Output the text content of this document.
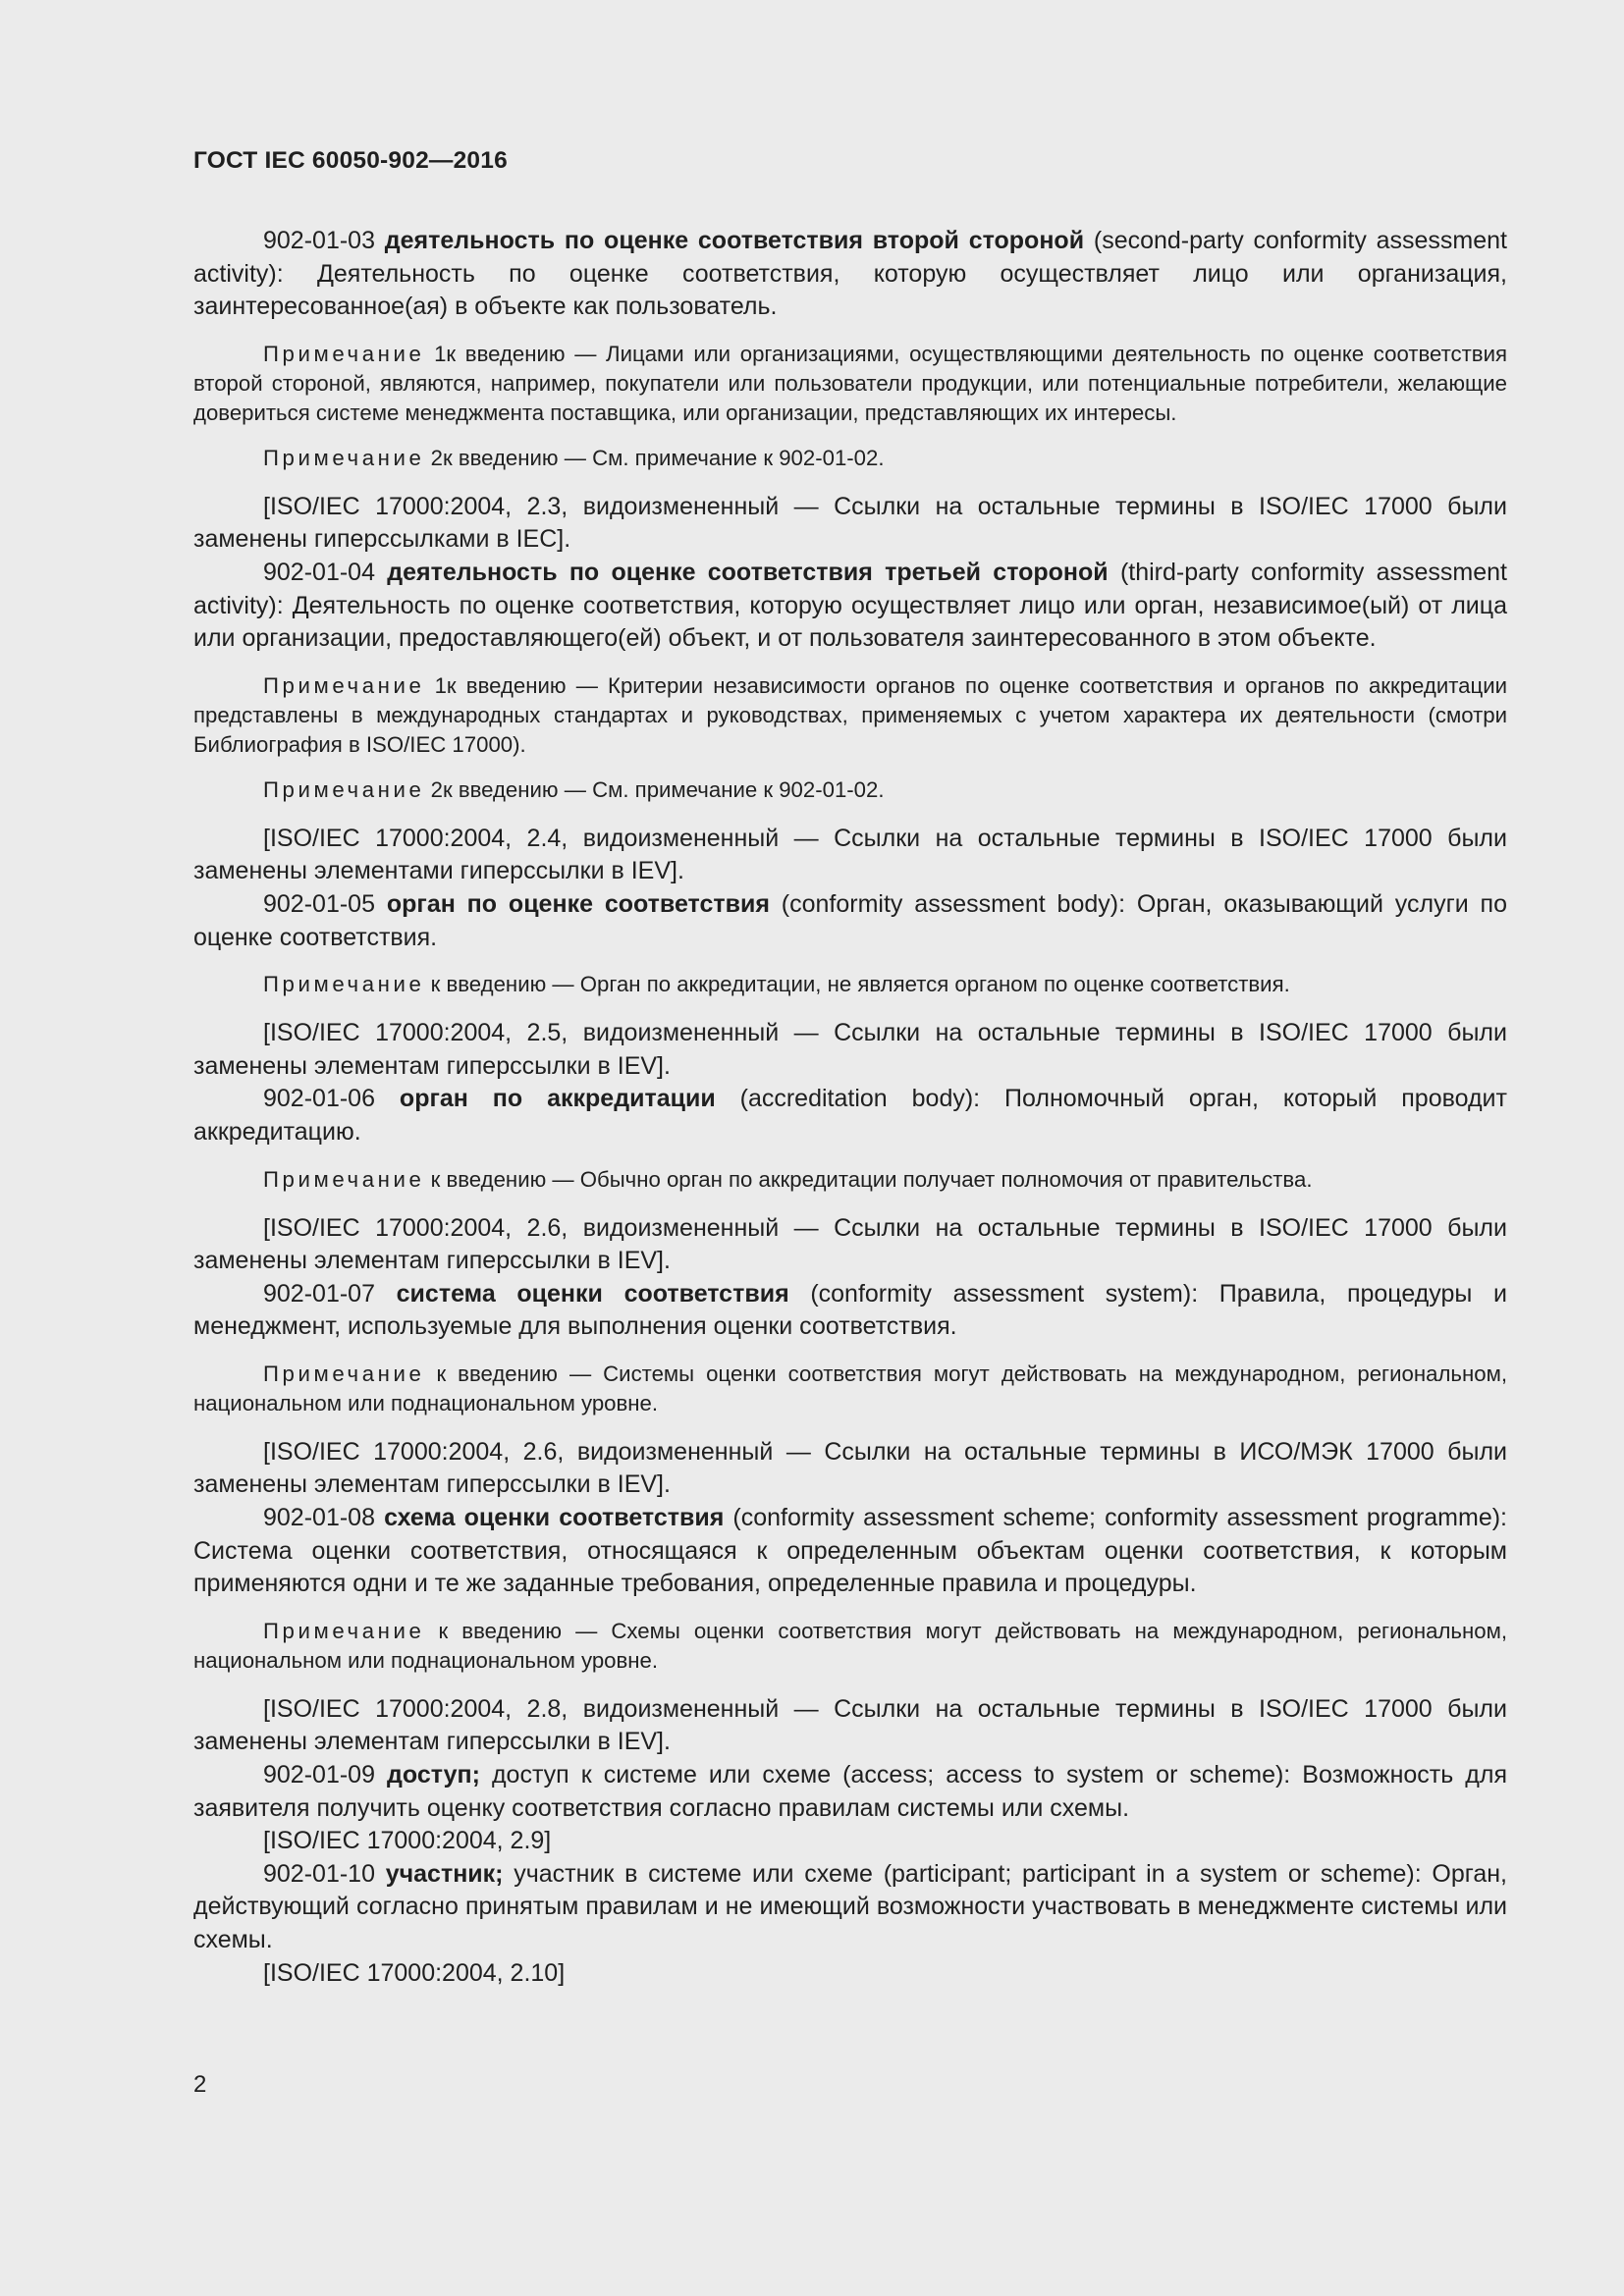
ГОСТ IEC 60050-902—2016

902-01-03 деятельность по оценке соответствия второй стороной (second-party conformity assessment activity): Деятельность по оценке соответствия, которую осуществляет лицо или организация, заинтересованное(ая) в объекте как пользователь.

Примечание 1к введению — Лицами или организациями, осуществляющими деятельность по оценке соответствия второй стороной, являются, например, покупатели или пользователи продукции, или потенциальные потребители, желающие довериться системе менеджмента поставщика, или организации, представляющих их интересы.

Примечание 2к введению — См. примечание к 902-01-02.

[ISO/IEC 17000:2004, 2.3, видоизмененный — Ссылки на остальные термины в ISO/IEC 17000 были заменены гиперссылками в IEC].

902-01-04 деятельность по оценке соответствия третьей стороной (third-party conformity assessment activity): Деятельность по оценке соответствия, которую осуществляет лицо или орган, независимое(ый) от лица или организации, предоставляющего(ей) объект, и от пользователя заинтересованного в этом объекте.

Примечание 1к введению — Критерии независимости органов по оценке соответствия и органов по аккредитации представлены в международных стандартах и руководствах, применяемых с учетом характера их деятельности (смотри Библиография в ISO/IEC 17000).

Примечание 2к введению — См. примечание к 902-01-02.

[ISO/IEC 17000:2004, 2.4, видоизмененный — Ссылки на остальные термины в ISO/IEC 17000 были заменены элементами гиперссылки в IEV].

902-01-05 орган по оценке соответствия (conformity assessment body): Орган, оказывающий услуги по оценке соответствия.

Примечание к введению — Орган по аккредитации, не является органом по оценке соответствия.

[ISO/IEC 17000:2004, 2.5, видоизмененный — Ссылки на остальные термины в ISO/IEC 17000 были заменены элементам гиперссылки в IEV].

902-01-06 орган по аккредитации (accreditation body): Полномочный орган, который проводит аккредитацию.

Примечание к введению — Обычно орган по аккредитации получает полномочия от правительства.

[ISO/IEC 17000:2004, 2.6, видоизмененный — Ссылки на остальные термины в ISO/IEC 17000 были заменены элементам гиперссылки в IEV].

902-01-07 система оценки соответствия (conformity assessment system): Правила, процедуры и менеджмент, используемые для выполнения оценки соответствия.

Примечание к введению — Системы оценки соответствия могут действовать на международном, региональном, национальном или поднациональном уровне.

[ISO/IEC 17000:2004, 2.6, видоизмененный — Ссылки на остальные термины в ИСО/МЭК 17000 были заменены элементам гиперссылки в IEV].

902-01-08 схема оценки соответствия (conformity assessment scheme; conformity assessment programme): Система оценки соответствия, относящаяся к определенным объектам оценки соответствия, к которым применяются одни и те же заданные требования, определенные правила и процедуры.

Примечание к введению — Схемы оценки соответствия могут действовать на международном, региональном, национальном или поднациональном уровне.

[ISO/IEC 17000:2004, 2.8, видоизмененный — Ссылки на остальные термины в ISO/IEC 17000 были заменены элементам гиперссылки в IEV].

902-01-09 доступ; доступ к системе или схеме (access; access to system or scheme): Возможность для заявителя получить оценку соответствия согласно правилам системы или схемы.

[ISO/IEC 17000:2004, 2.9]

902-01-10 участник; участник в системе или схеме (participant; participant in a system or scheme): Орган, действующий согласно принятым правилам и не имеющий возможности участвовать в менеджменте системы или схемы.

[ISO/IEC 17000:2004, 2.10]

2
